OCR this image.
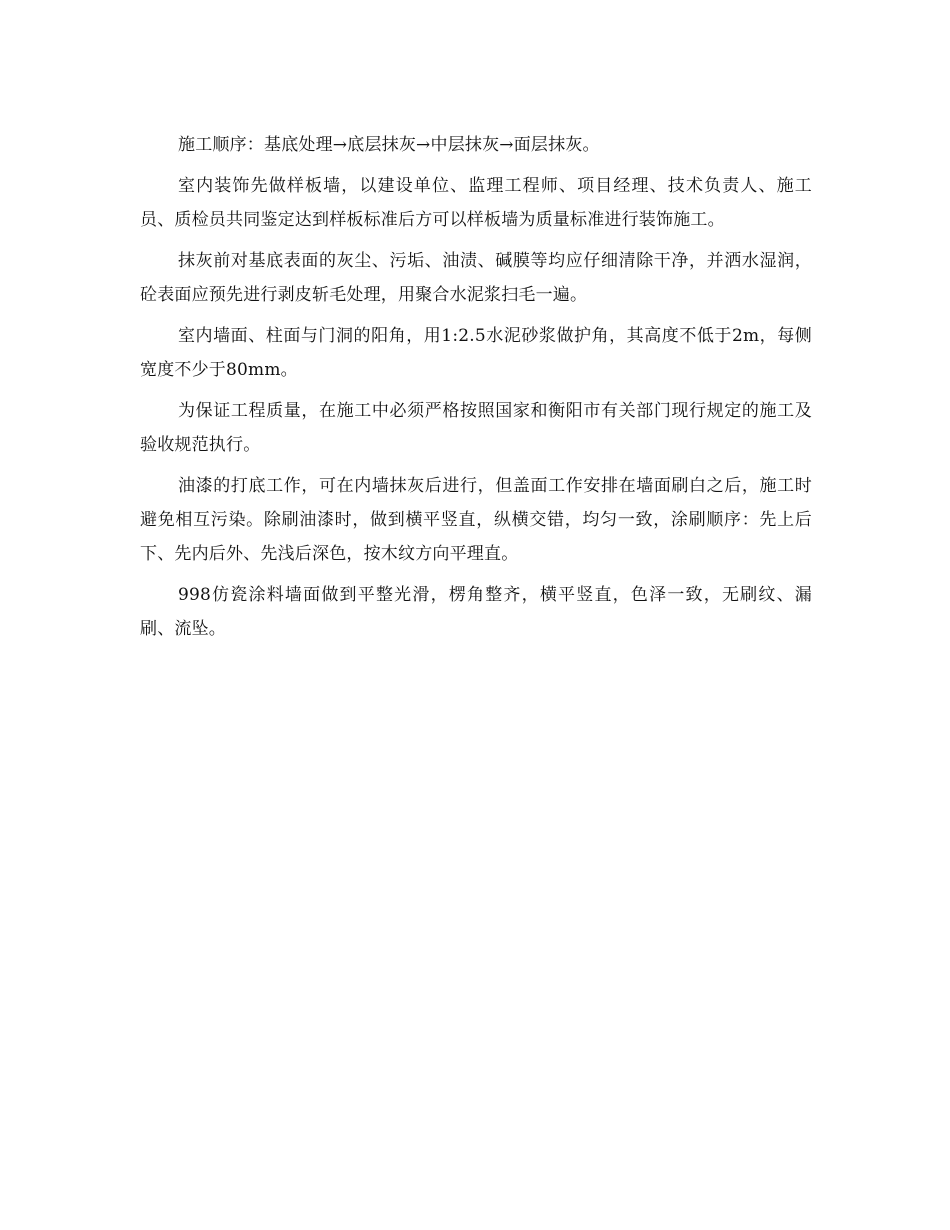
施工顺序：基底处理→底层抹灰→中层抹灰→面层抹灰。

室内装饰先做样板墙，以建设单位、监理工程师、项目经理、技术负责人、施工员、质检员共同鉴定达到样板标准后方可以样板墙为质量标准进行装饰施工。

抹灰前对基底表面的灰尘、污垢、油渍、碱膜等均应仔细清除干净，并洒水湿润，砼表面应预先进行剥皮斩毛处理，用聚合水泥浆扫毛一遍。

室内墙面、柱面与门洞的阳角，用1:2.5水泥砂浆做护角，其高度不低于2m，每侧宽度不少于80mm。

为保证工程质量，在施工中必须严格按照国家和衡阳市有关部门现行规定的施工及验收规范执行。

油漆的打底工作，可在内墙抹灰后进行，但盖面工作安排在墙面刷白之后，施工时避免相互污染。除刷油漆时，做到横平竖直，纵横交错，均匀一致，涂刷顺序：先上后下、先内后外、先浅后深色，按木纹方向平理直。

998仿瓷涂料墙面做到平整光滑，楞角整齐，横平竖直，色泽一致，无刷纹、漏刷、流坠。
